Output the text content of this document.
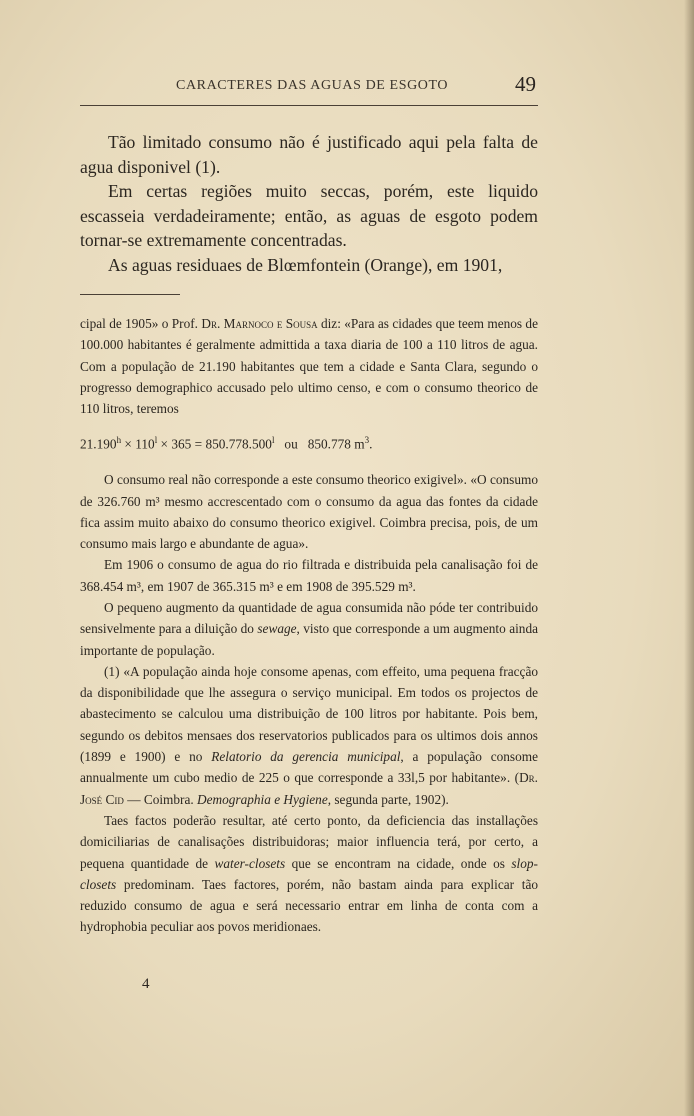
CARACTERES DAS AGUAS DE ESGOTO	49

Tão limitado consumo não é justificado aqui pela falta de agua disponivel (1).

Em certas regiões muito seccas, porém, este liquido escasseia verdadeiramente; então, as aguas de esgoto podem tornar-se extremamente concentradas.

As aguas residuaes de Blœmfontein (Orange), em 1901,

cipal de 1905» o Prof. Dr. Marnoco e Sousa diz: «Para as cidades que teem menos de 100.000 habitantes é geralmente admittida a taxa diaria de 100 a 110 litros de agua. Com a população de 21.190 habitantes que tem a cidade e Santa Clara, segundo o progresso demographico accusado pelo ultimo censo, e com o consumo theorico de 110 litros, teremos

$21.190^h \times 110^l \times 365 = 850.778.500^l$   ou   850.778 $m^3$.

O consumo real não corresponde a este consumo theorico exigivel». «O consumo de 326.760 m³ mesmo accrescentado com o consumo da agua das fontes da cidade fica assim muito abaixo do consumo theorico exigivel. Coimbra precisa, pois, de um consumo mais largo e abundante de agua».

Em 1906 o consumo de agua do rio filtrada e distribuida pela canalisação foi de 368.454 m³, em 1907 de 365.315 m³ e em 1908 de 395.529 m³.

O pequeno augmento da quantidade de agua consumida não póde ter contribuido sensivelmente para a diluição do sewage, visto que corresponde a um augmento ainda importante de população.

(1) «A população ainda hoje consome apenas, com effeito, uma pequena fracção da disponibilidade que lhe assegura o serviço municipal. Em todos os projectos de abastecimento se calculou uma distribuição de 100 litros por habitante. Pois bem, segundo os debitos mensaes dos reservatorios publicados para os ultimos dois annos (1899 e 1900) e no Relatorio da gerencia municipal, a população consome annualmente um cubo medio de 225 o que corresponde a 33l,5 por habitante». (Dr. José Cid — Coimbra. Demographia e Hygiene, segunda parte, 1902).

Taes factos poderão resultar, até certo ponto, da deficiencia das installações domiciliarias de canalisações distribuidoras; maior influencia terá, por certo, a pequena quantidade de water-closets que se encontram na cidade, onde os slop-closets predominam. Taes factores, porém, não bastam ainda para explicar tão reduzido consumo de agua e será necessario entrar em linha de conta com a hydrophobia peculiar aos povos meridionaes.

4
